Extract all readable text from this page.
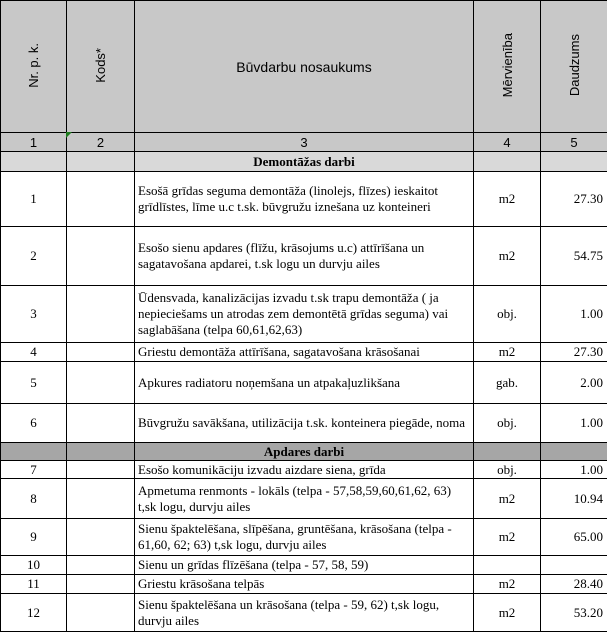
Nr. p. k.	Kods*	Būvdarbu nosaukums	Mērvienība	Daudzums
1	2	3	4	5
		Demontāžas darbi		
1		Esošā grīdas seguma demontāža (linolejs, flīzes) ieskaitot grīdlīstes, līme u.c t.sk. būvgružu iznešana uz konteineri	m2	27.30
2		Esošo sienu apdares (flīžu, krāsojums u.c) attīrīšana un sagatavošana apdarei, t.sk logu un durvju ailes	m2	54.75
3		Ūdensvada, kanalizācijas izvadu t.sk trapu demontāža ( ja nepieciešams un atrodas zem demontētā grīdas seguma) vai saglabāšana (telpa 60,61,62,63)	obj.	1.00
4		Griestu demontāža attīrīšana, sagatavošana krāsošanai	m2	27.30
5		Apkures radiatoru noņemšana un atpakaļuzlikšana	gab.	2.00
6		Būvgružu savākšana, utilizācija t.sk. konteinera piegāde, noma	obj.	1.00
		Apdares darbi		
7		Esošo komunikāciju izvadu aizdare siena, grīda	obj.	1.00
8		Apmetuma renmonts - lokāls (telpa - 57,58,59,60,61,62, 63) t,sk logu, durvju ailes	m2	10.94
9		Sienu špaktelēšana, slīpēšana, gruntēšana, krāsošana (telpa - 61,60, 62; 63) t,sk logu, durvju ailes	m2	65.00
10		Sienu un grīdas flīzēšana (telpa - 57, 58, 59)		
11		Griestu krāsošana telpās	m2	28.40
12		Sienu špaktelēšana un krāsošana (telpa - 59, 62) t,sk logu, durvju ailes	m2	53.20
